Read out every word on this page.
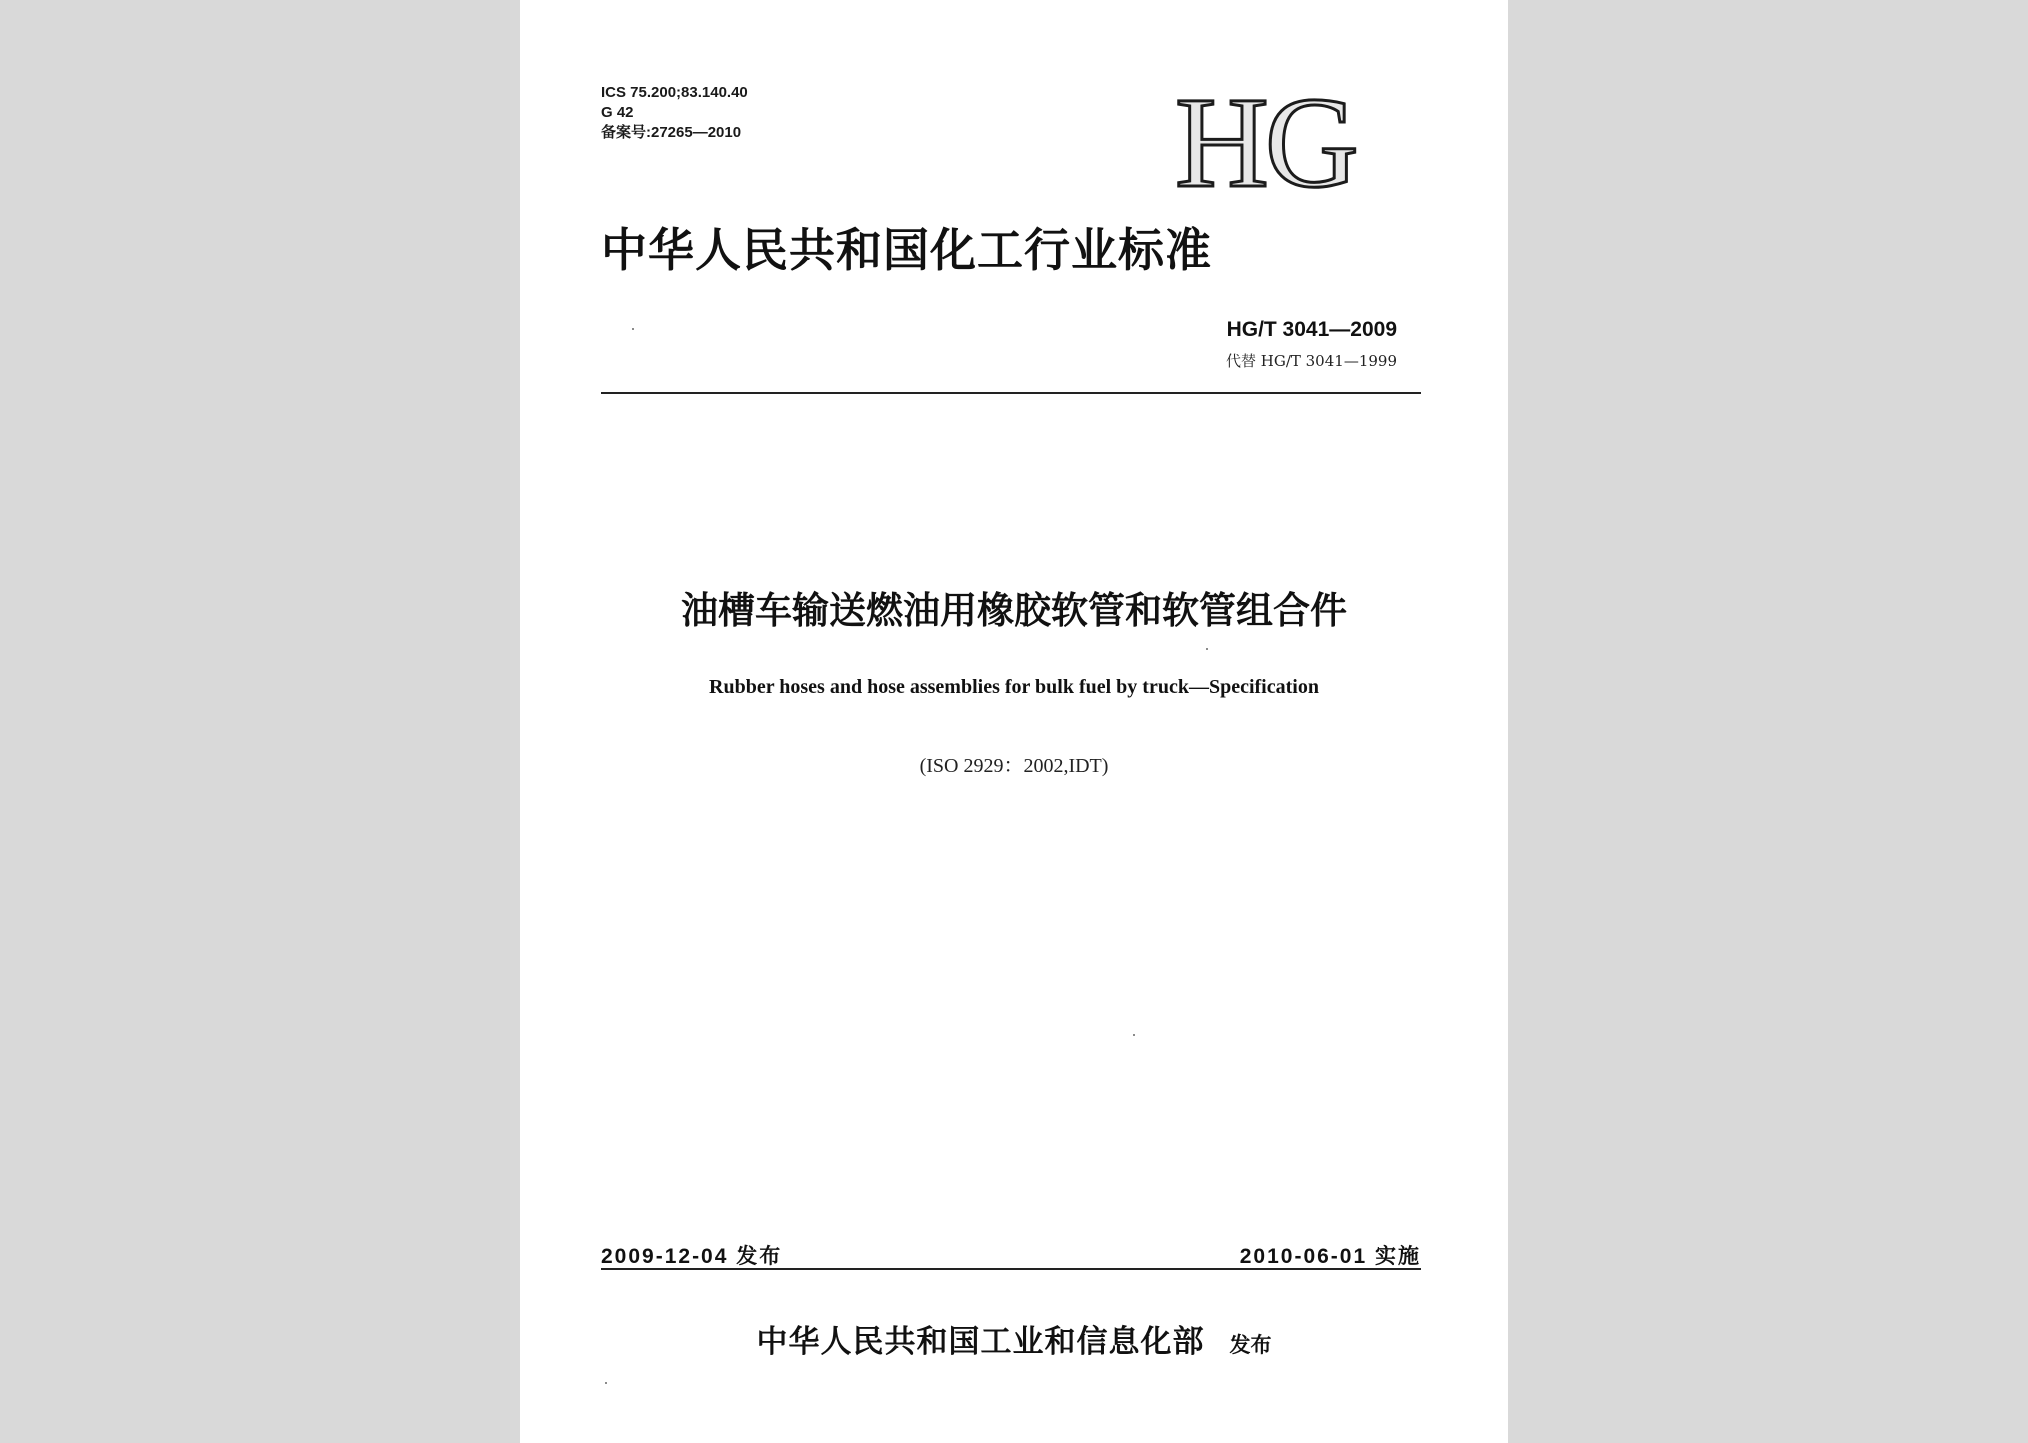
ICS 75.200;83.140.40
G 42
备案号:27265—2010	HG
中华人民共和国化工行业标准
HG/T 3041—2009
代替 HG/T 3041—1999
油槽车输送燃油用橡胶软管和软管组合件
Rubber hoses and hose assemblies for bulk fuel by truck—Specification
(ISO 2929：2002,IDT)
2009-12-04 发布	2010-06-01 实施
中华人民共和国工业和信息化部 发布
